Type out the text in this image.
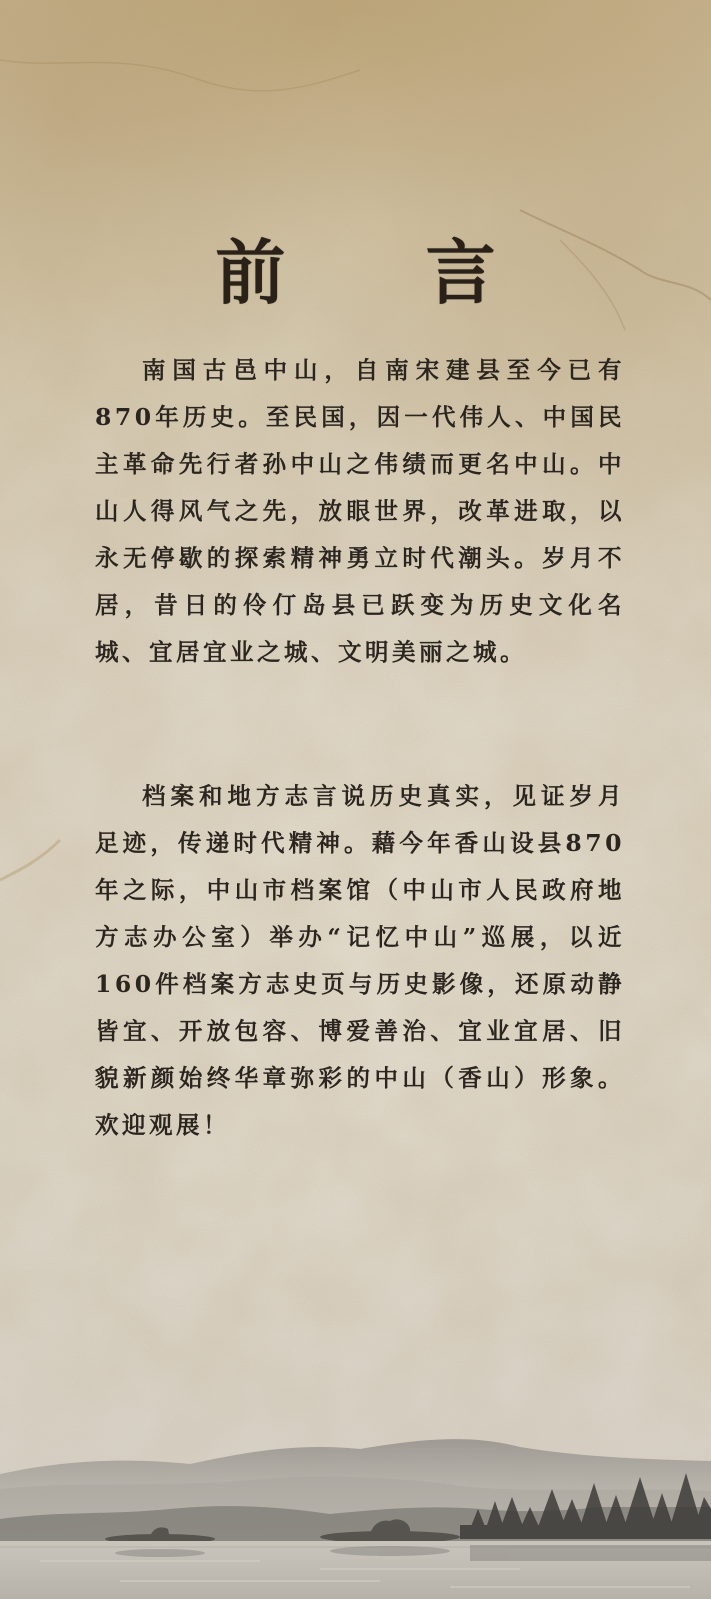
前 言

南国古邑中山，自南宋建县至今已有870年历史。至民国，因一代伟人、中国民主革命先行者孙中山之伟绩而更名中山。中山人得风气之先，放眼世界，改革进取，以永无停歇的探索精神勇立时代潮头。岁月不居，昔日的伶仃岛县已跃变为历史文化名城、宜居宜业之城、文明美丽之城。

档案和地方志言说历史真实，见证岁月足迹，传递时代精神。藉今年香山设县870年之际，中山市档案馆（中山市人民政府地方志办公室）举办“记忆中山”巡展，以近160件档案方志史页与历史影像，还原动静皆宜、开放包容、博爱善治、宜业宜居、旧貌新颜始终华章弥彩的中山（香山）形象。欢迎观展！
